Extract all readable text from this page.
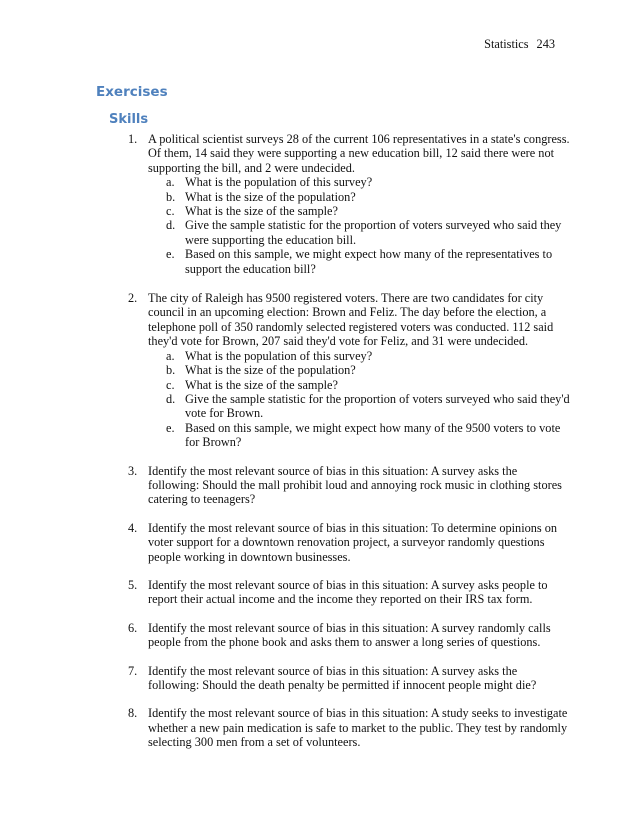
Statistics 243
Exercises
Skills
1. A political scientist surveys 28 of the current 106 representatives in a state's congress. Of them, 14 said they were supporting a new education bill, 12 said there were not supporting the bill, and 2 were undecided.

a. What is the population of this survey?
b. What is the size of the population?
c. What is the size of the sample?
d. Give the sample statistic for the proportion of voters surveyed who said they were supporting the education bill.
e. Based on this sample, we might expect how many of the representatives to support the education bill?
2. The city of Raleigh has 9500 registered voters. There are two candidates for city council in an upcoming election: Brown and Feliz. The day before the election, a telephone poll of 350 randomly selected registered voters was conducted. 112 said they'd vote for Brown, 207 said they'd vote for Feliz, and 31 were undecided.

a. What is the population of this survey?
b. What is the size of the population?
c. What is the size of the sample?
d. Give the sample statistic for the proportion of voters surveyed who said they'd vote for Brown.
e. Based on this sample, we might expect how many of the 9500 voters to vote for Brown?
3. Identify the most relevant source of bias in this situation: A survey asks the following: Should the mall prohibit loud and annoying rock music in clothing stores catering to teenagers?

4. Identify the most relevant source of bias in this situation: To determine opinions on voter support for a downtown renovation project, a surveyor randomly questions people working in downtown businesses.

5. Identify the most relevant source of bias in this situation: A survey asks people to report their actual income and the income they reported on their IRS tax form.

6. Identify the most relevant source of bias in this situation: A survey randomly calls people from the phone book and asks them to answer a long series of questions.

7. Identify the most relevant source of bias in this situation: A survey asks the following: Should the death penalty be permitted if innocent people might die?

8. Identify the most relevant source of bias in this situation: A study seeks to investigate whether a new pain medication is safe to market to the public. They test by randomly selecting 300 men from a set of volunteers.
